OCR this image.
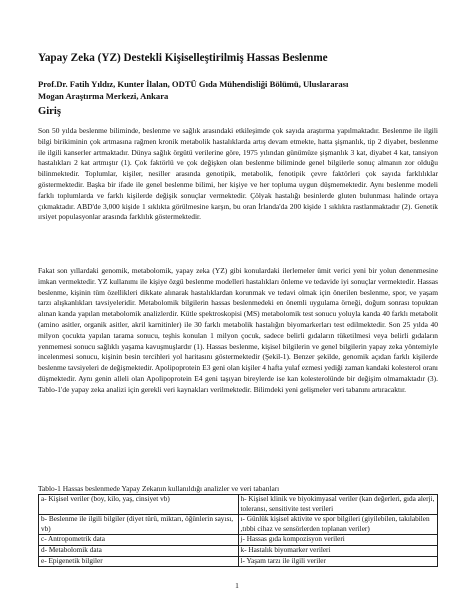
Yapay Zeka (YZ) Destekli Kişiselleştirilmiş Hassas Beslenme
Prof.Dr. Fatih Yıldız, Kunter İlalan, ODTÜ Gıda Mühendisliği Bölümü, Uluslararası
Mogan Araştırma Merkezi, Ankara
Giriş

Son 50 yılda beslenme biliminde, beslenme ve sağlık arasındaki etkileşimde çok sayıda araştırma yapılmaktadır. Beslenme ile ilgili bilgi birikiminin çok artmasına rağmen kronik metabolik hastalıklarda artış devam etmekte, hatta şişmanlık, tip 2 diyabet, beslenme ile ilgili kanserler artmaktadır. Dünya sağlık örgütü verilerine göre, 1975 yılından günümüze şişmanlık 3 kat, diyabet 4 kat, tansiyon hastalıkları 2 kat artmıştır (1). Çok faktörlü ve çok değişken olan beslenme biliminde genel bilgilerle sonuç almanın zor olduğu bilinmektedir. Toplumlar, kişiler, nesiller arasında genotipik, metabolik, fenotipik çevre faktörleri çok sayıda farklılıklar göstermektedir. Başka bir ifade ile genel beslenme bilimi, her kişiye ve her topluma uygun düşmemektedir. Aynı beslenme modeli farklı toplumlarda ve farklı kişilerde değişik sonuçlar vermektedir. Çölyak hastalığı besinlerde gluten bulunması halinde ortaya çıkmaktadır. ABD'de 3,000 kişide 1 sıklıkta görülmesine karşın, bu oran İrlanda'da 200 kişide 1 sıklıkta rastlanmaktadır (2). Genetik ırsiyet populasyonlar arasında farklılık göstermektedir.

Fakat son yıllardaki genomik, metabolomik, yapay zeka (YZ) gibi konulardaki ilerlemeler ümit verici yeni bir yolun denenmesine imkan vermektedir. YZ kullanımı ile kişiye özgü beslenme modelleri hastalıkları önleme ve tedavide iyi sonuçlar vermektedir. Hassas beslenme, kişinin tüm özellikleri dikkate alınarak hastalıklardan korunmak ve tedavi olmak için önerilen beslenme, spor, ve yaşam tarzı alışkanlıkları tavsiyeleridir. Metabolomik bilgilerin hassas beslenmedeki en önemli uygulama örneği, doğum sonrası topuktan alınan kanda yapılan metabolomik analizlerdir. Kütle spektroskopisi (MS) metabolomik test sonucu yoluyla kanda 40 farklı metabolit (amino asitler, organik asitler, akril karnitinler) ile 30 farklı metabolik hastalığın biyomarkerları test edilmektedir. Son 25 yılda 40 milyon çocukta yapılan tarama sonucu, teşhis konulan 1 milyon çocuk, sadece belirli gıdaların tüketilmesi veya belirli gıdaların yenmemesi sonucu sağlıklı yaşama kavuşmuşlardır (1). Hassas beslenme, kişisel bilgilerin ve genel bilgilerin yapay zeka yöntemiyle incelenmesi sonucu, kişinin besin tercihleri yol haritasını göstermektedir (Şekil-1). Benzer şekilde, genomik açıdan farklı kişilerde beslenme tavsiyeleri de değişmektedir. Apolipoprotein E3 geni olan kişiler 4 hafta yulaf ezmesi yediği zaman kandaki kolesterol oranı düşmektedir. Aynı genin alleli olan Apolipoprotein E4 geni taşıyan bireylerde ise kan kolesterolünde bir değişim olmamaktadır (3). Tablo-1'de yapay zeka analizi için gerekli veri kaynakları verilmektedir. Bilimdeki yeni gelişmeler veri tabanını artıracaktır.

Tablo-1 Hassas beslenmede Yapay Zekanın kullanıldığı analizler ve veri tabanları
a- Kişisel veriler (boy, kilo, yaş, cinsiyet vb)	h- Kişisel klinik ve biyokimyasal veriler (kan değerleri, gıda alerji, toleransı, sensitivite test verileri
b- Beslenme ile ilgili bilgiler (diyet türü, miktarı, öğünlerin sayısı, vb)	ı- Günlük kişisel aktivite ve spor bilgileri (giyilebilen, takılabilen ,tıbbi cihaz ve sensörlerden toplanan veriler)
c- Antropometrik data	j- Hassas gıda kompozisyon verileri
d- Metabolomik data	k- Hastalık biyomarker verileri
e- Epigenetik bilgiler	l- Yaşam tarzı ile ilgili veriler
1
